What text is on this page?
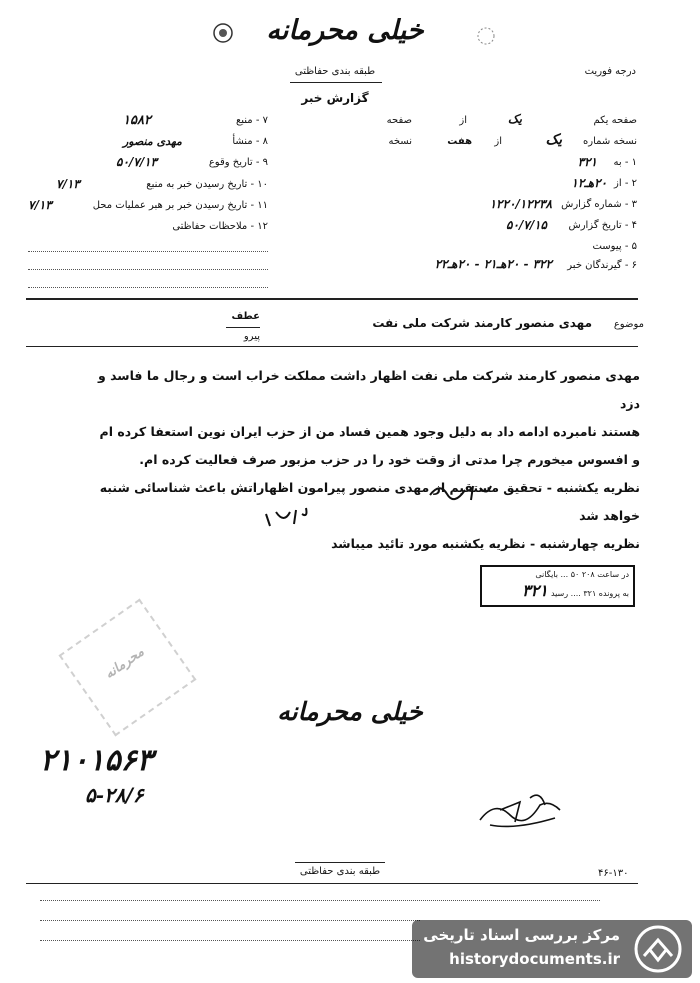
خیلی محرمانه
درجه فوریت
طبقه بندی حفاظتی
گزارش خبر
۷ - منبع
۱۵۸۲
۸ - منشأ
مهدی منصور
۹ - تاریخ وقوع
۵۰/۷/۱۳
۱۰ - تاریخ رسیدن خبر به منبع
۷/۱۳
۱۱ - تاریخ رسیدن خبر بر هبر عملیات محل
۷/۱۳
۱۲ - ملاحظات حفاظتی
صفحه یکم
یک
از
صفحه
نسخه شماره
یک
از
هفت
نسخه
۱ - به
۳۲۱
۲ - از
۲۰هـ۱۲
۳ - شماره گزارش
۱۲۲۰/۱۲۲۳۸
۴ - تاریخ گزارش
۵۰/۷/۱۵
۵ - پیوست
۶ - گیرندگان خبر
۳۲۲ - ۲۰هـ۲۱ - ۲۰هـ۲۲
عطف
پیرو
موضوع
مهدی منصور کارمند شرکت ملی نفت
مهدی منصور کارمند شرکت ملی نفت اظهار داشت مملکت خراب است و رجال ما فاسد و دزد
هستند نامبرده ادامه داد به دلیل وجود همین فساد من از حزب ایران نوین استعفا کرده ام
و افسوس میخورم چرا مدتی از وقت خود را در حزب مزبور صرف فعالیت کرده ام.
نظریه یکشنبه - تحقیق مستقیم از مهدی منصور پیرامون اظهاراتش باعث شناسائی شنبه
خواهد شد
نظریه چهارشنبه - نظریه یکشنبه مورد تائید میباشد
در ساعت ۲۰۸ ۵۰ ... بایگانی
به پرونده ۳۲۱ .... رسید
۳۲۱
محرمانه
خیلی محرمانه
۲۱۰۱۵۶۳
۵-۲۸/۶
طبقه بندی حفاظتی	۴۶-۱۳۰
مرکز بررسی اسناد تاریخی
historydocuments.ir
